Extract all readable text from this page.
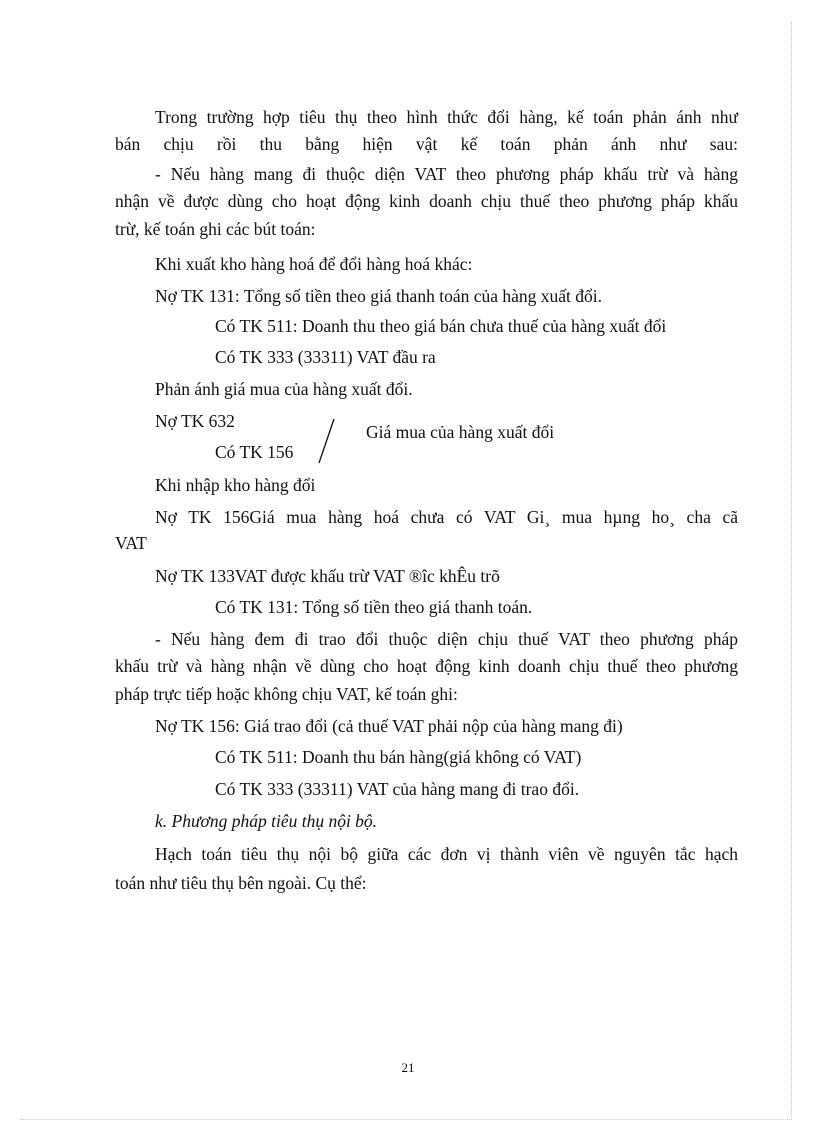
Trong trường hợp tiêu thụ theo hình thức đổi hàng, kế toán phản ánh như
bán chịu rồi thu bằng hiện vật kế toán phản ánh như sau:
- Nếu hàng mang đi thuộc diện VAT theo phương pháp khấu trừ và hàng
nhận về được dùng cho hoạt động kinh doanh chịu thuế theo phương pháp khấu
trừ, kế toán ghi các bút toán:
Khi xuất kho hàng hoá để đổi hàng hoá khác:
Nợ TK 131: Tổng số tiền theo giá thanh toán của hàng xuất đổi.
Có TK 511: Doanh thu theo giá bán chưa thuế của hàng xuất đổi
Có TK 333 (33311) VAT đầu ra
Phản ánh giá mua của hàng xuất đổi.
Nợ TK 632
Có TK 156
Giá mua của hàng xuất đổi
Khi nhập kho hàng đổi
Nợ TK 156Giá mua hàng hoá chưa có VAT Gi¸ mua hµng ho¸ cha cã
VAT
Nợ TK 133VAT được khấu trừ VAT ®îc khÊu trõ
Có TK 131: Tổng số tiền theo giá thanh toán.
- Nếu hàng đem đi trao đổi thuộc diện chịu thuế VAT theo phương pháp
khấu trừ và hàng nhận về dùng cho hoạt động kinh doanh chịu thuế theo phương
pháp trực tiếp hoặc không chịu VAT, kế toán ghi:
Nợ TK 156: Giá trao đổi (cả thuế VAT phải nộp của hàng mang đi)
Có TK 511: Doanh thu bán hàng(giá không có VAT)
Có TK 333 (33311) VAT của hàng mang đi trao đổi.
k. Phương pháp tiêu thụ nội bộ.
Hạch toán tiêu thụ nội bộ giữa các đơn vị thành viên về nguyên tắc hạch
toán như tiêu thụ bên ngoài. Cụ thể:
21
